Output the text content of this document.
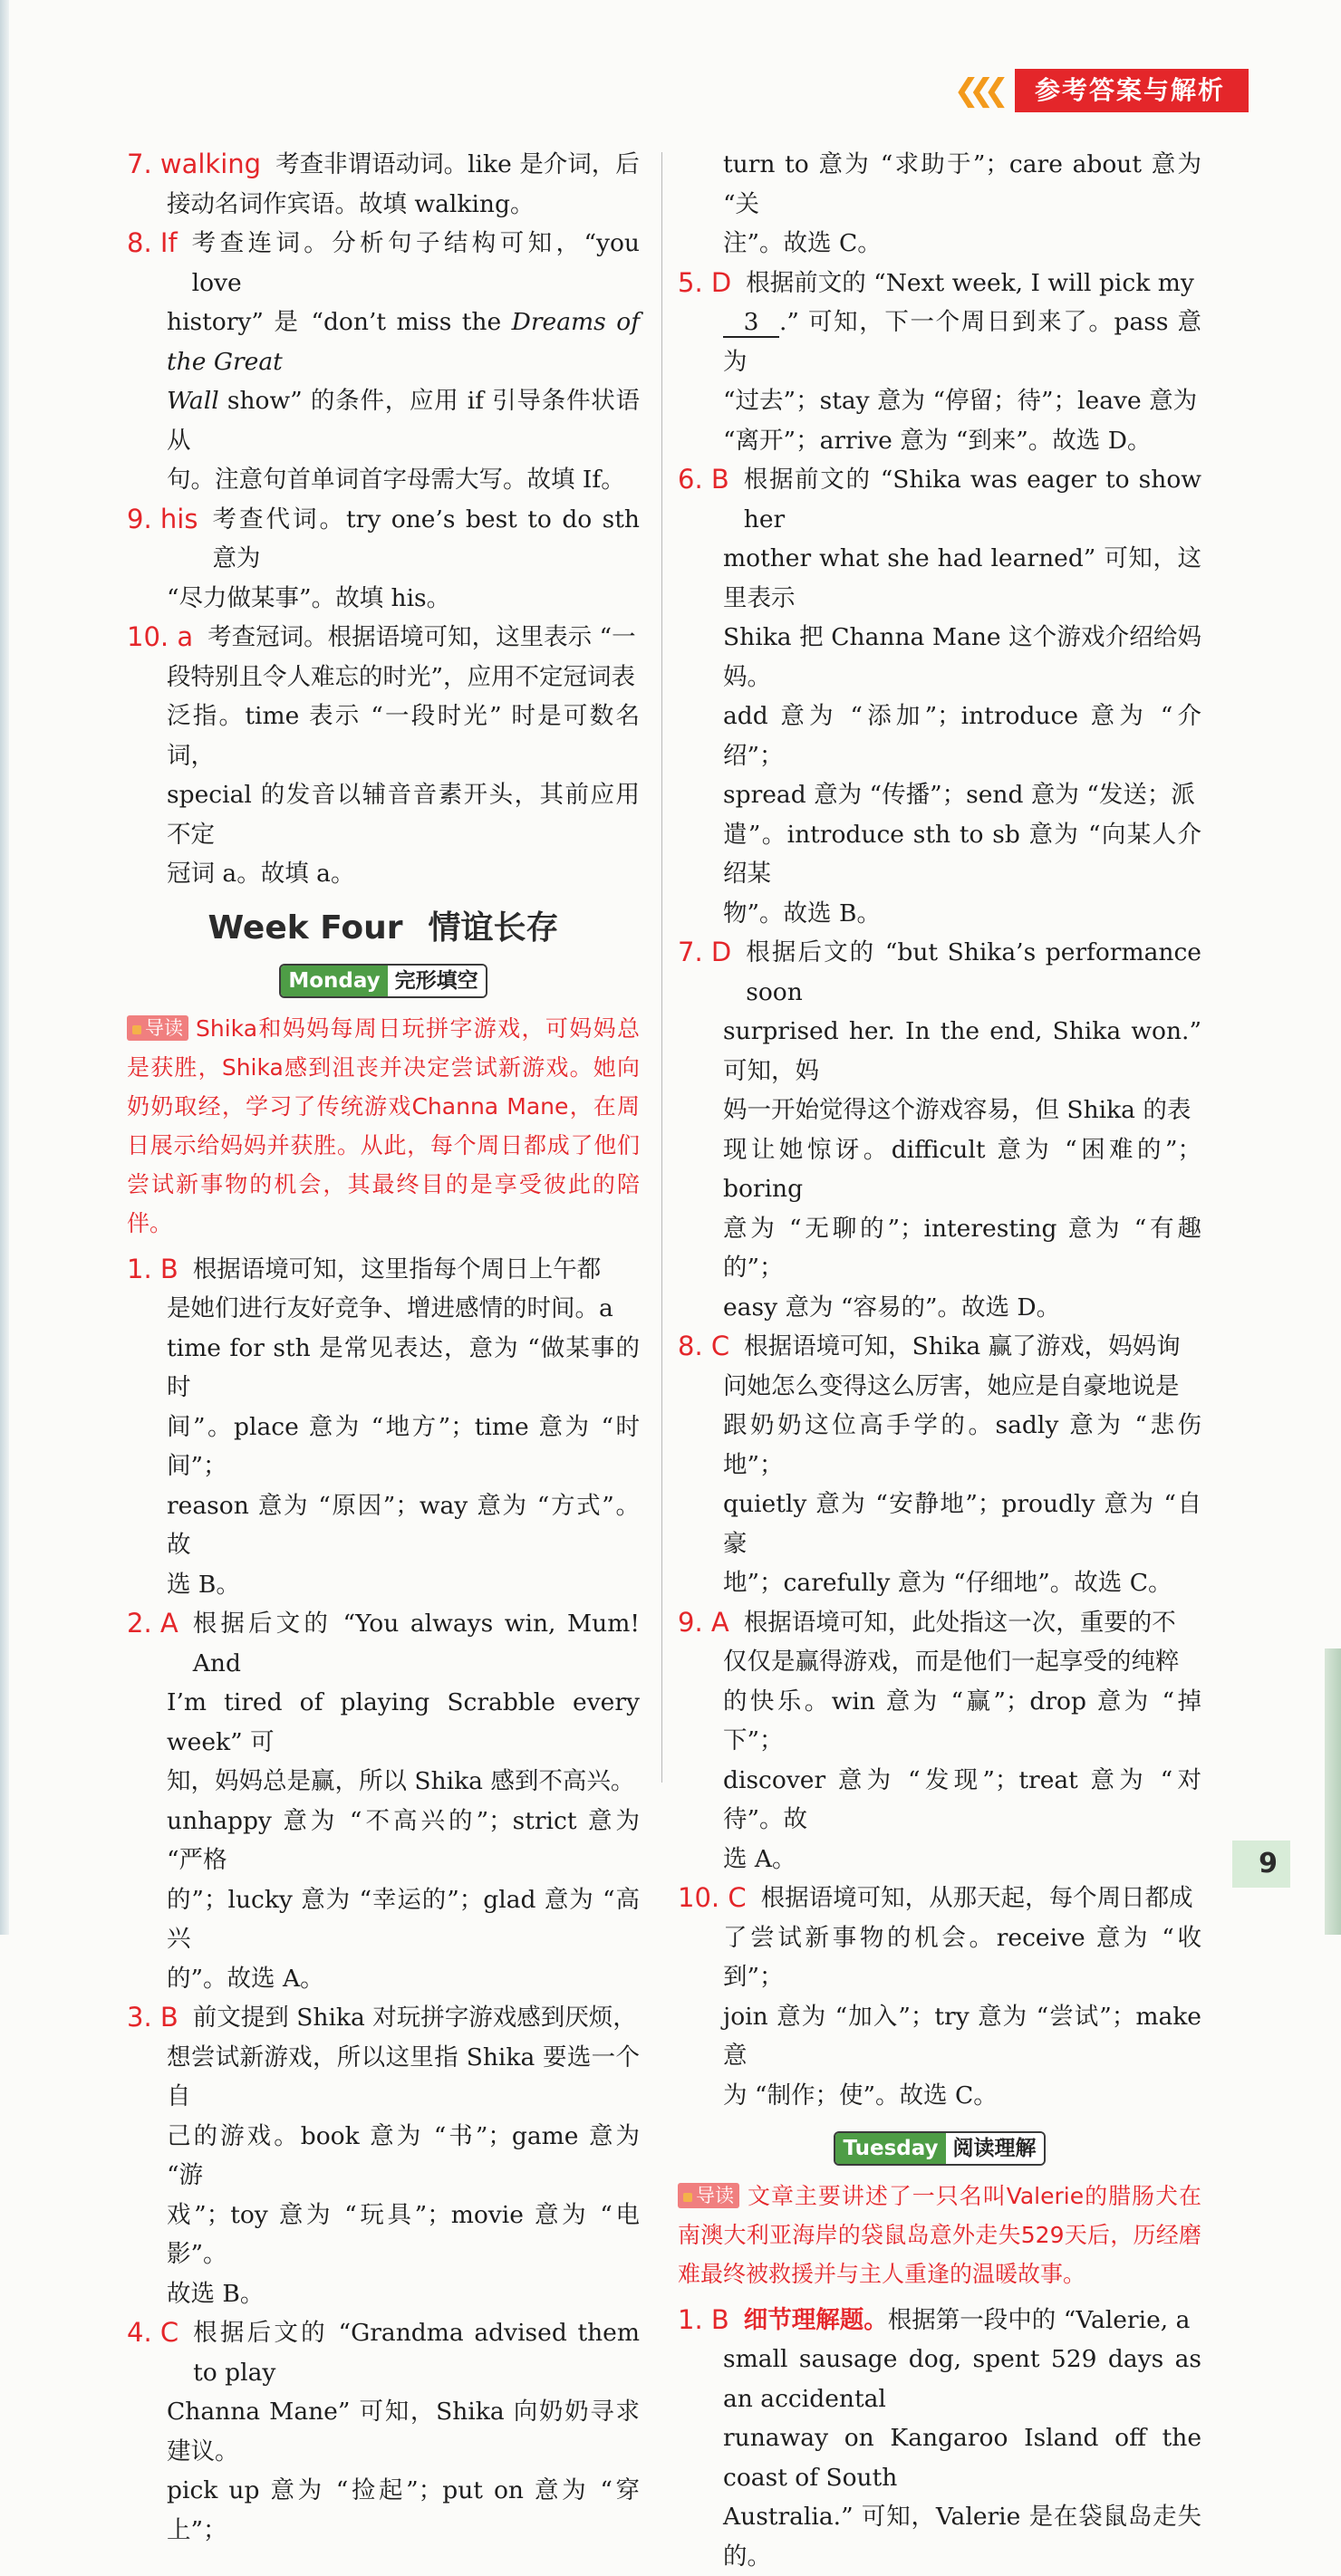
❮❮❮	参考答案与解析
7. walking 考查非谓语动词。like 是介词，后
接动名词作宾语。故填 walking。
8. If 考查连词。分析句子结构可知，“you love
history” 是 “don’t miss the Dreams of the Great
Wall show” 的条件，应用 if 引导条件状语从
句。注意句首单词首字母需大写。故填 If。
9. his 考查代词。try one’s best to do sth 意为
“尽力做某事”。故填 his。
10. a 考查冠词。根据语境可知，这里表示 “一
段特别且令人难忘的时光”，应用不定冠词表
泛指。time 表示 “一段时光” 时是可数名词，
special 的发音以辅音音素开头，其前应用不定
冠词 a。故填 a。
Week Four 情谊长存
Monday 完形填空
导读 Shika和妈妈每周日玩拼字游戏，可妈妈总是获胜，Shika感到沮丧并决定尝试新游戏。她向奶奶取经，学习了传统游戏Channa Mane，在周日展示给妈妈并获胜。从此，每个周日都成了他们尝试新事物的机会，其最终目的是享受彼此的陪伴。
1. B 根据语境可知，这里指每个周日上午都
是她们进行友好竞争、增进感情的时间。a
time for sth 是常见表达，意为 “做某事的时
间”。place 意为 “地方”；time 意为 “时间”；
reason 意为 “原因”；way 意为 “方式”。故
选 B。
2. A 根据后文的 “You always win, Mum! And
I’m tired of playing Scrabble every week” 可
知，妈妈总是赢，所以 Shika 感到不高兴。
unhappy 意为 “不高兴的”；strict 意为 “严格
的”；lucky 意为 “幸运的”；glad 意为 “高兴
的”。故选 A。
3. B 前文提到 Shika 对玩拼字游戏感到厌烦，
想尝试新游戏，所以这里指 Shika 要选一个自
己的游戏。book 意为 “书”；game 意为 “游
戏”；toy 意为 “玩具”；movie 意为 “电影”。
故选 B。
4. C 根据后文的 “Grandma advised them to play
Channa Mane” 可知，Shika 向奶奶寻求建议。
pick up 意为 “捡起”；put on 意为 “穿上”；
turn to 意为 “求助于”；care about 意为 “关
注”。故选 C。
5. D 根据前文的 “Next week, I will pick my
3 .” 可知，下一个周日到来了。pass 意为
“过去”；stay 意为 “停留；待”；leave 意为
“离开”；arrive 意为 “到来”。故选 D。
6. B 根据前文的 “Shika was eager to show her
mother what she had learned” 可知，这里表示
Shika 把 Channa Mane 这个游戏介绍给妈妈。
add 意为 “添加”；introduce 意为 “介绍”；
spread 意为 “传播”；send 意为 “发送；派
遣”。introduce sth to sb 意为 “向某人介绍某
物”。故选 B。
7. D 根据后文的 “but Shika’s performance soon
surprised her. In the end, Shika won.” 可知，妈
妈一开始觉得这个游戏容易，但 Shika 的表
现让她惊讶。difficult 意为 “困难的”；boring
意为 “无聊的”；interesting 意为 “有趣的”；
easy 意为 “容易的”。故选 D。
8. C 根据语境可知，Shika 赢了游戏，妈妈询
问她怎么变得这么厉害，她应是自豪地说是
跟奶奶这位高手学的。sadly 意为 “悲伤地”；
quietly 意为 “安静地”；proudly 意为 “自豪
地”；carefully 意为 “仔细地”。故选 C。
9. A 根据语境可知，此处指这一次，重要的不
仅仅是赢得游戏，而是他们一起享受的纯粹
的快乐。win 意为 “赢”；drop 意为 “掉下”；
discover 意为 “发现”；treat 意为 “对待”。故
选 A。
10. C 根据语境可知，从那天起，每个周日都成
了尝试新事物的机会。receive 意为 “收到”；
join 意为 “加入”；try 意为 “尝试”；make 意
为 “制作；使”。故选 C。
Tuesday 阅读理解
导读 文章主要讲述了一只名叫Valerie的腊肠犬在南澳大利亚海岸的袋鼠岛意外走失529天后，历经磨难最终被救援并与主人重逢的温暖故事。
1. B 细节理解题。根据第一段中的 “Valerie, a
small sausage dog, spent 529 days as an accidental
runaway on Kangaroo Island off the coast of South
Australia.” 可知，Valerie 是在袋鼠岛走失的。
9
